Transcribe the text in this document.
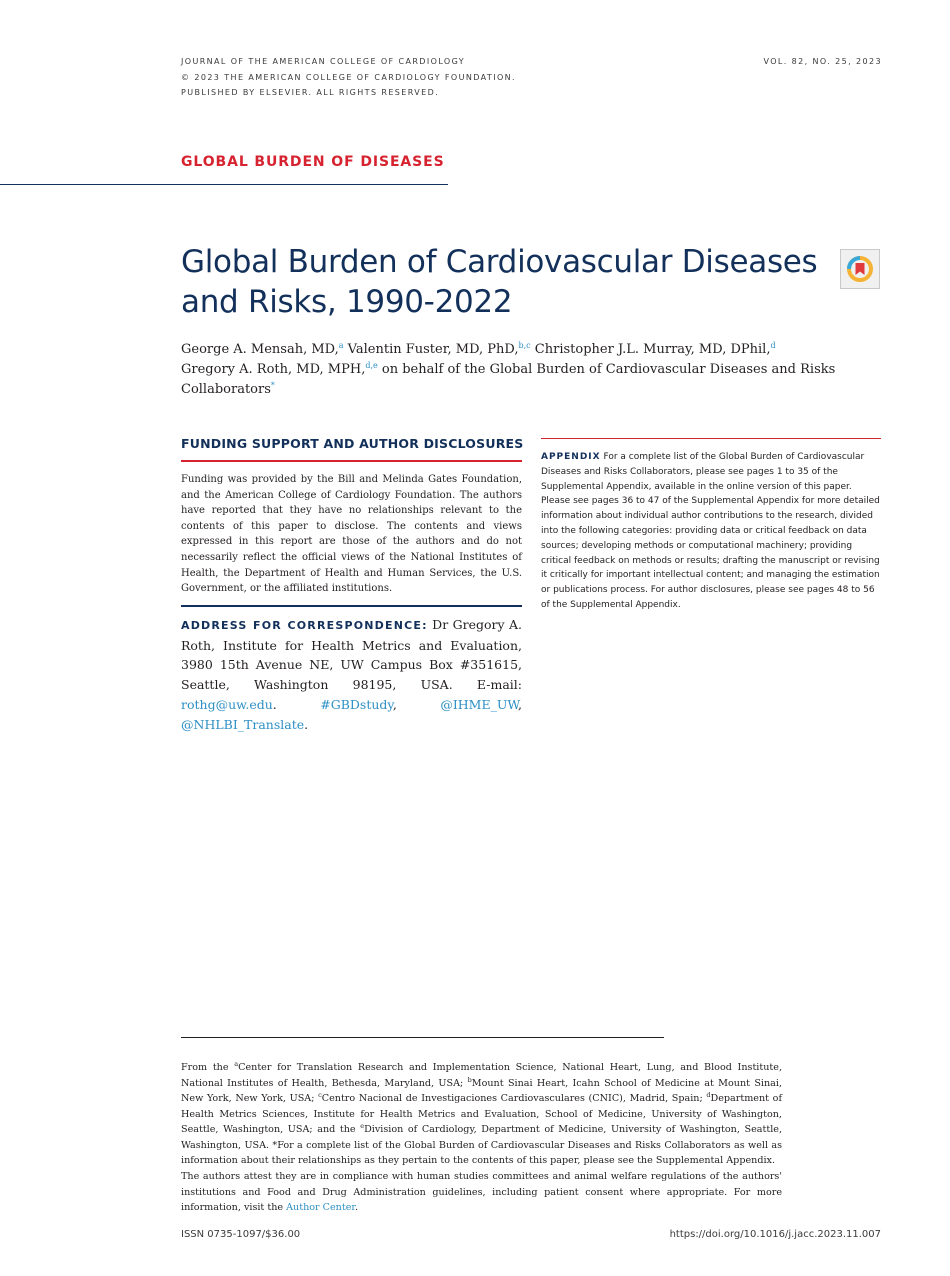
JOURNAL OF THE AMERICAN COLLEGE OF CARDIOLOGY
© 2023 THE AMERICAN COLLEGE OF CARDIOLOGY FOUNDATION.
PUBLISHED BY ELSEVIER. ALL RIGHTS RESERVED.
VOL. 82, NO. 25, 2023
GLOBAL BURDEN OF DISEASES
Global Burden of Cardiovascular Diseases
and Risks, 1990-2022
George A. Mensah, MD,$^a$ Valentin Fuster, MD, PhD,$^{b,c}$ Christopher J.L. Murray, MD, DPhil,$^d$
Gregory A. Roth, MD, MPH,$^{d,e}$ on behalf of the Global Burden of Cardiovascular Diseases and Risks Collaborators*
FUNDING SUPPORT AND AUTHOR DISCLOSURES
Funding was provided by the Bill and Melinda Gates Foundation, and the American College of Cardiology Foundation. The authors have reported that they have no relationships relevant to the contents of this paper to disclose. The contents and views expressed in this report are those of the authors and do not necessarily reflect the official views of the National Institutes of Health, the Department of Health and Human Services, the U.S. Government, or the affiliated institutions.
ADDRESS FOR CORRESPONDENCE: Dr Gregory A. Roth, Institute for Health Metrics and Evaluation, 3980 15th Avenue NE, UW Campus Box #351615, Seattle, Washington 98195, USA. E-mail: rothg@uw.edu. #GBDstudy, @IHME_UW, @NHLBI_Translate.
APPENDIX For a complete list of the Global Burden of Cardiovascular Diseases and Risks Collaborators, please see pages 1 to 35 of the Supplemental Appendix, available in the online version of this paper. Please see pages 36 to 47 of the Supplemental Appendix for more detailed information about individual author contributions to the research, divided into the following categories: providing data or critical feedback on data sources; developing methods or computational machinery; providing critical feedback on methods or results; drafting the manuscript or revising it critically for important intellectual content; and managing the estimation or publications process. For author disclosures, please see pages 48 to 56 of the Supplemental Appendix.
From the $^a$Center for Translation Research and Implementation Science, National Heart, Lung, and Blood Institute, National Institutes of Health, Bethesda, Maryland, USA; $^b$Mount Sinai Heart, Icahn School of Medicine at Mount Sinai, New York, New York, USA; $^c$Centro Nacional de Investigaciones Cardiovasculares (CNIC), Madrid, Spain; $^d$Department of Health Metrics Sciences, Institute for Health Metrics and Evaluation, School of Medicine, University of Washington, Seattle, Washington, USA; and the $^e$Division of Cardiology, Department of Medicine, University of Washington, Seattle, Washington, USA. *For a complete list of the Global Burden of Cardiovascular Diseases and Risks Collaborators as well as information about their relationships as they pertain to the contents of this paper, please see the Supplemental Appendix.
The authors attest they are in compliance with human studies committees and animal welfare regulations of the authors' institutions and Food and Drug Administration guidelines, including patient consent where appropriate. For more information, visit the Author Center.
ISSN 0735-1097/$36.00	https://doi.org/10.1016/j.jacc.2023.11.007
